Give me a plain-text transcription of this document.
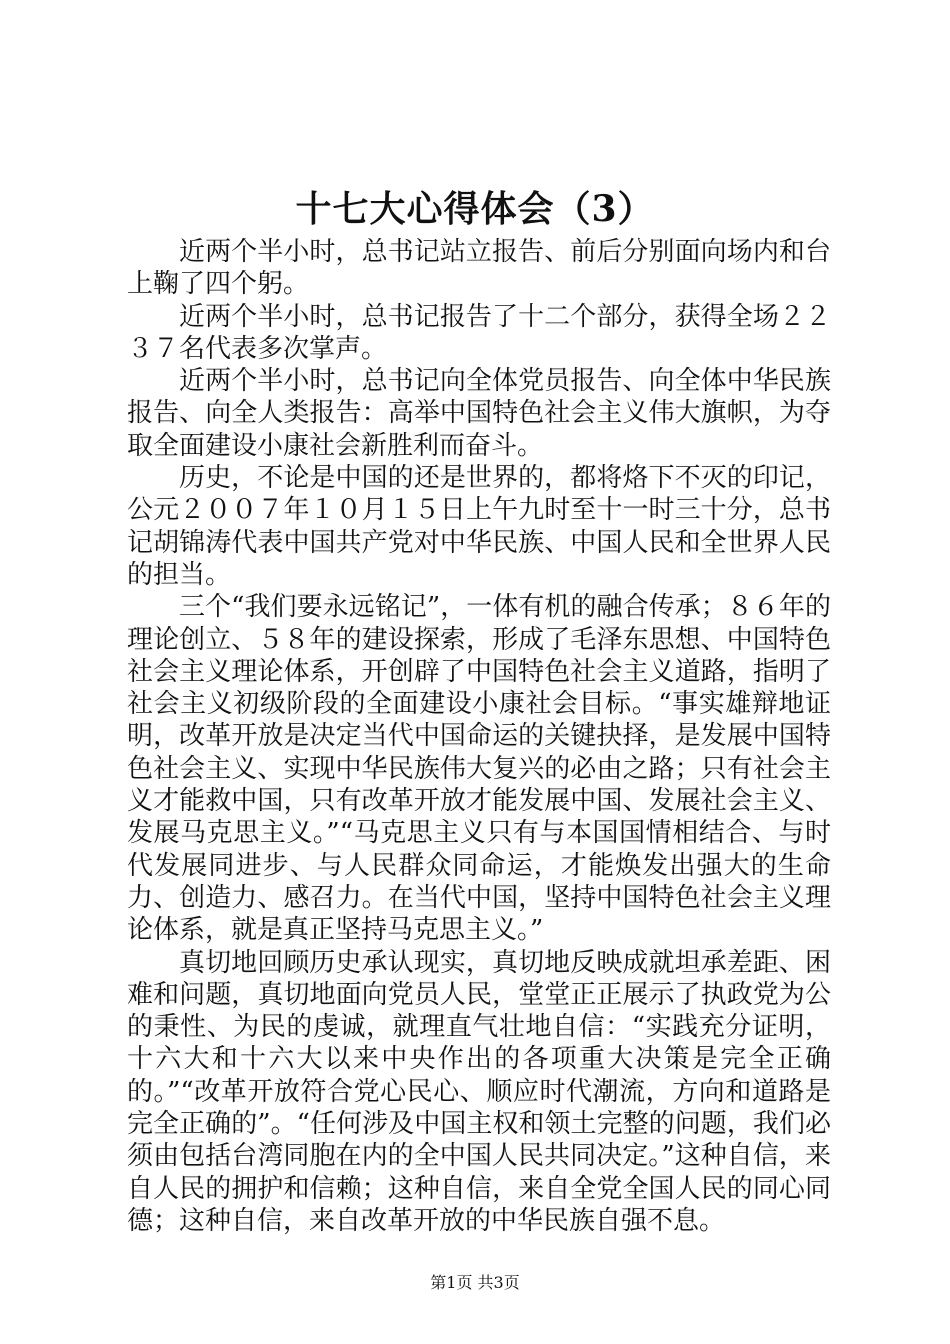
十七大心得体会（3）

近两个半小时，总书记站立报告、前后分别面向场内和台上鞠了四个躬。

近两个半小时，总书记报告了十二个部分，获得全场２２３７名代表多次掌声。

近两个半小时，总书记向全体党员报告、向全体中华民族报告、向全人类报告：高举中国特色社会主义伟大旗帜，为夺取全面建设小康社会新胜利而奋斗。

历史，不论是中国的还是世界的，都将烙下不灭的印记，公元２００７年１０月１５日上午九时至十一时三十分，总书记胡锦涛代表中国共产党对中华民族、中国人民和全世界人民的担当。

三个“我们要永远铭记”，一体有机的融合传承；８６年的理论创立、５８年的建设探索，形成了毛泽东思想、中国特色社会主义理论体系，开创辟了中国特色社会主义道路，指明了社会主义初级阶段的全面建设小康社会目标。“事实雄辩地证明，改革开放是决定当代中国命运的关键抉择，是发展中国特色社会主义、实现中华民族伟大复兴的必由之路；只有社会主义才能救中国，只有改革开放才能发展中国、发展社会主义、发展马克思主义。”“马克思主义只有与本国国情相结合、与时代发展同进步、与人民群众同命运，才能焕发出强大的生命力、创造力、感召力。在当代中国，坚持中国特色社会主义理论体系，就是真正坚持马克思主义。”

真切地回顾历史承认现实，真切地反映成就坦承差距、困难和问题，真切地面向党员人民，堂堂正正展示了执政党为公的秉性、为民的虔诚，就理直气壮地自信：“实践充分证明，十六大和十六大以来中央作出的各项重大决策是完全正确的。”“改革开放符合党心民心、顺应时代潮流，方向和道路是完全正确的”。“任何涉及中国主权和领土完整的问题，我们必须由包括台湾同胞在内的全中国人民共同决定。”这种自信，来自人民的拥护和信赖；这种自信，来自全党全国人民的同心同德；这种自信，来自改革开放的中华民族自强不息。

第1页 共3页
